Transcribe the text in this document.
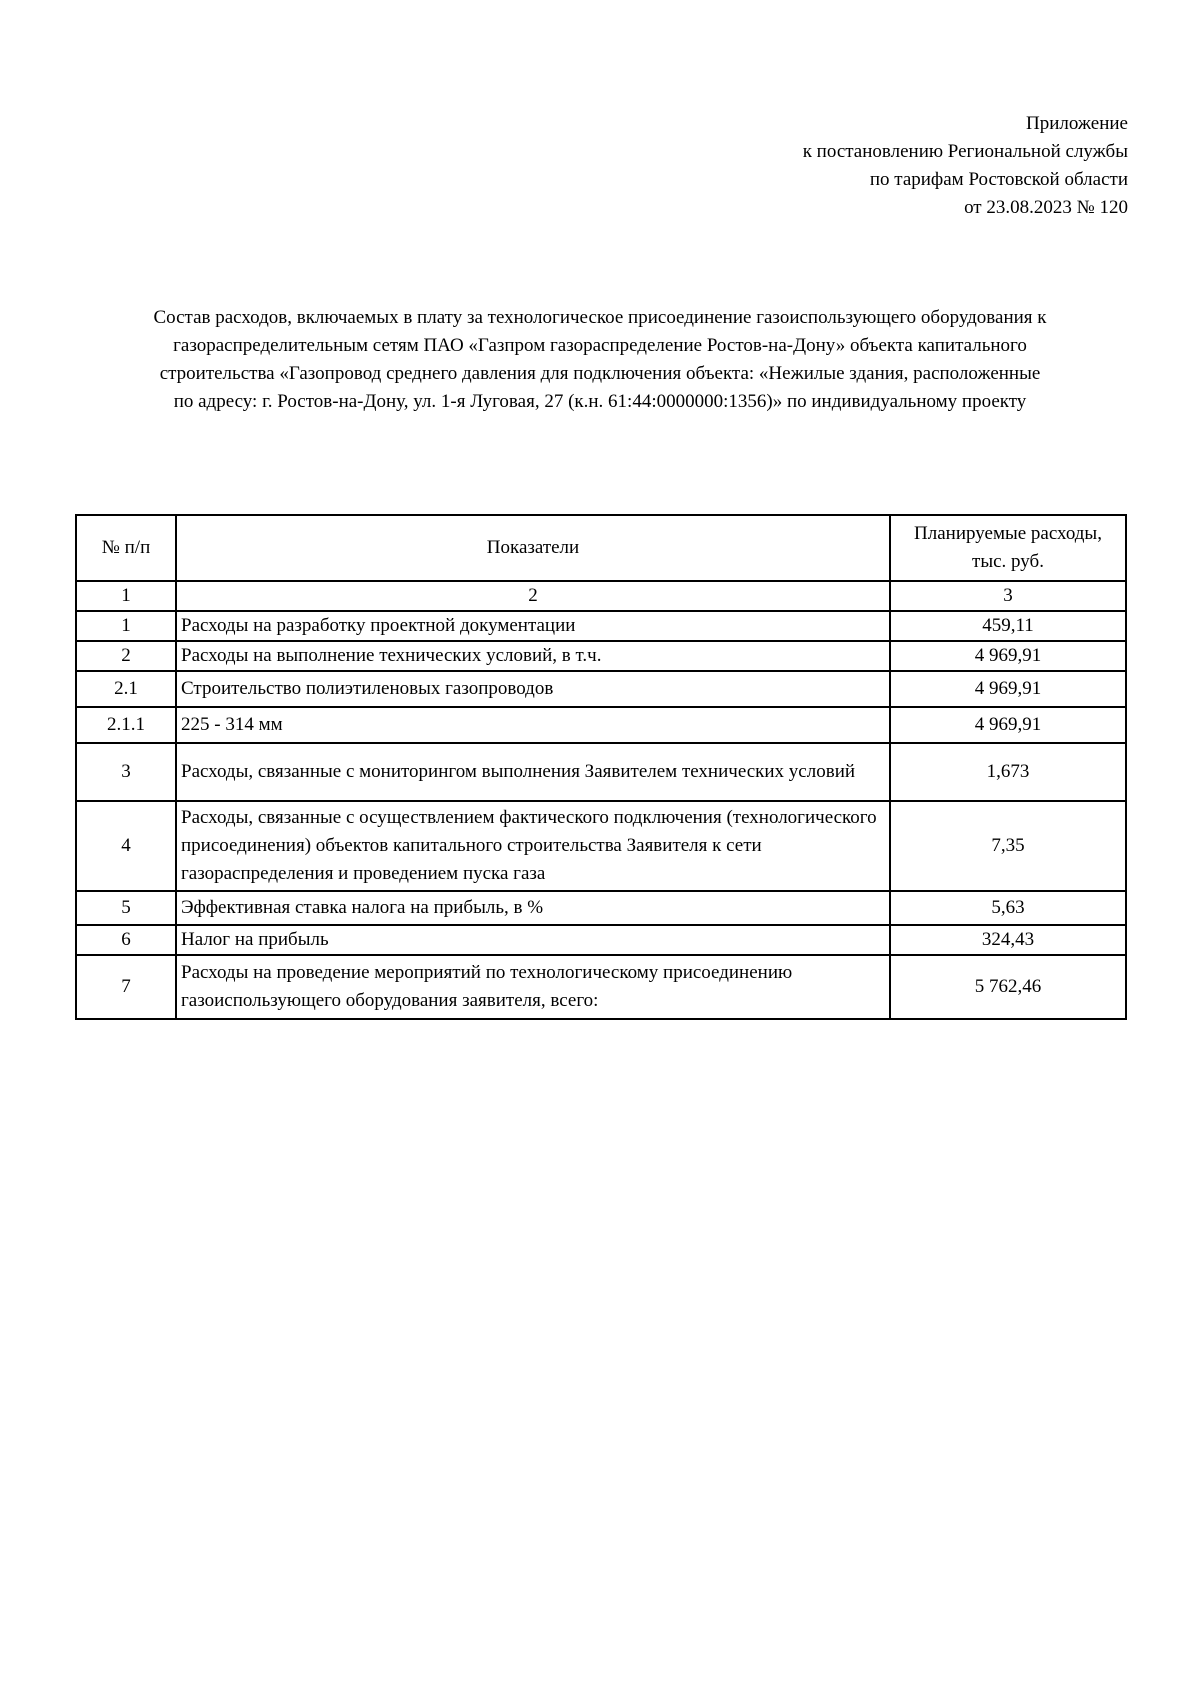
Приложение
к постановлению Региональной службы
по тарифам Ростовской области
от 23.08.2023 № 120
Состав расходов, включаемых в плату за технологическое присоединение газоиспользующего оборудования к
газораспределительным сетям ПАО «Газпром газораспределение Ростов-на-Дону» объекта капитального
строительства «Газопровод среднего давления для подключения объекта: «Нежилые здания, расположенные
по адресу: г. Ростов-на-Дону, ул. 1-я Луговая, 27 (к.н. 61:44:0000000:1356)» по индивидуальному проекту
№ п/п	Показатели	Планируемые расходы, тыс. руб.
1	2	3
1	Расходы на разработку проектной документации	459,11
2	Расходы на выполнение технических условий, в т.ч.	4 969,91
2.1	Строительство полиэтиленовых газопроводов	4 969,91
2.1.1	225 - 314 мм	4 969,91
3	Расходы, связанные с мониторингом выполнения Заявителем технических условий	1,673
4	Расходы, связанные с осуществлением фактического подключения (технологического присоединения) объектов капитального строительства Заявителя к сети газораспределения и проведением пуска газа	7,35
5	Эффективная ставка налога на прибыль, в %	5,63
6	Налог на прибыль	324,43
7	Расходы на проведение мероприятий по технологическому присоединению газоиспользующего оборудования заявителя, всего:	5 762,46
